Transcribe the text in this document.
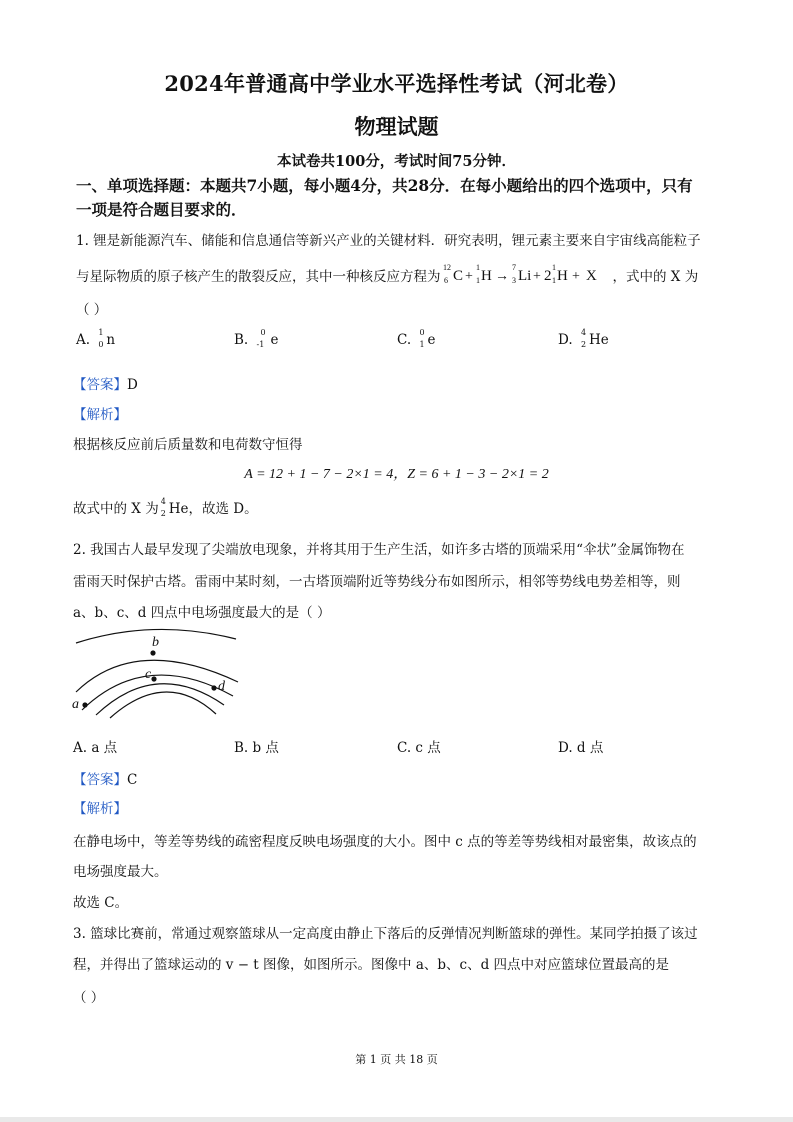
2024年普通高中学业水平选择性考试（河北卷）
物理试题
本试卷共100分，考试时间75分钟．
一、单项选择题：本题共7小题，每小题4分，共28分．在每小题给出的四个选项中，只有
一项是符合题目要求的．
1. 锂是新能源汽车、储能和信息通信等新兴产业的关键材料．研究表明，锂元素主要来自宇宙线高能粒子
与星际物质的原子核产生的散裂反应，其中一种核反应方程为
12
6 C +
1
1 H →
7
3 Li + 2
1
1 H + X ，式中的 X 为
（ ）
A. 1
0 n	B. 0
-1 e	C. 0
1 e	D. 4
2 He
【答案】D
【解析】
根据核反应前后质量数和电荷数守恒得
A = 12 + 1 − 7 − 2×1 = 4，Z = 6 + 1 − 3 − 2×1 = 2
故式中的 X 为 4
2 He，故选 D。
2. 我国古人最早发现了尖端放电现象，并将其用于生产生活，如许多古塔的顶端采用“伞状”金属饰物在
雷雨天时保护古塔。雷雨中某时刻，一古塔顶端附近等势线分布如图所示，相邻等势线电势差相等，则
a、b、c、d 四点中电场强度最大的是（ ）
b
c
d
a
A. a 点	B. b 点	C. c 点	D. d 点
【答案】C
【解析】
在静电场中，等差等势线的疏密程度反映电场强度的大小。图中 c 点的等差等势线相对最密集，故该点的
电场强度最大。
故选 C。
3. 篮球比赛前，常通过观察篮球从一定高度由静止下落后的反弹情况判断篮球的弹性。某同学拍摄了该过
程，并得出了篮球运动的 v − t 图像，如图所示。图像中 a、b、c、d 四点中对应篮球位置最高的是
（ ）
第 1 页 共 18 页
